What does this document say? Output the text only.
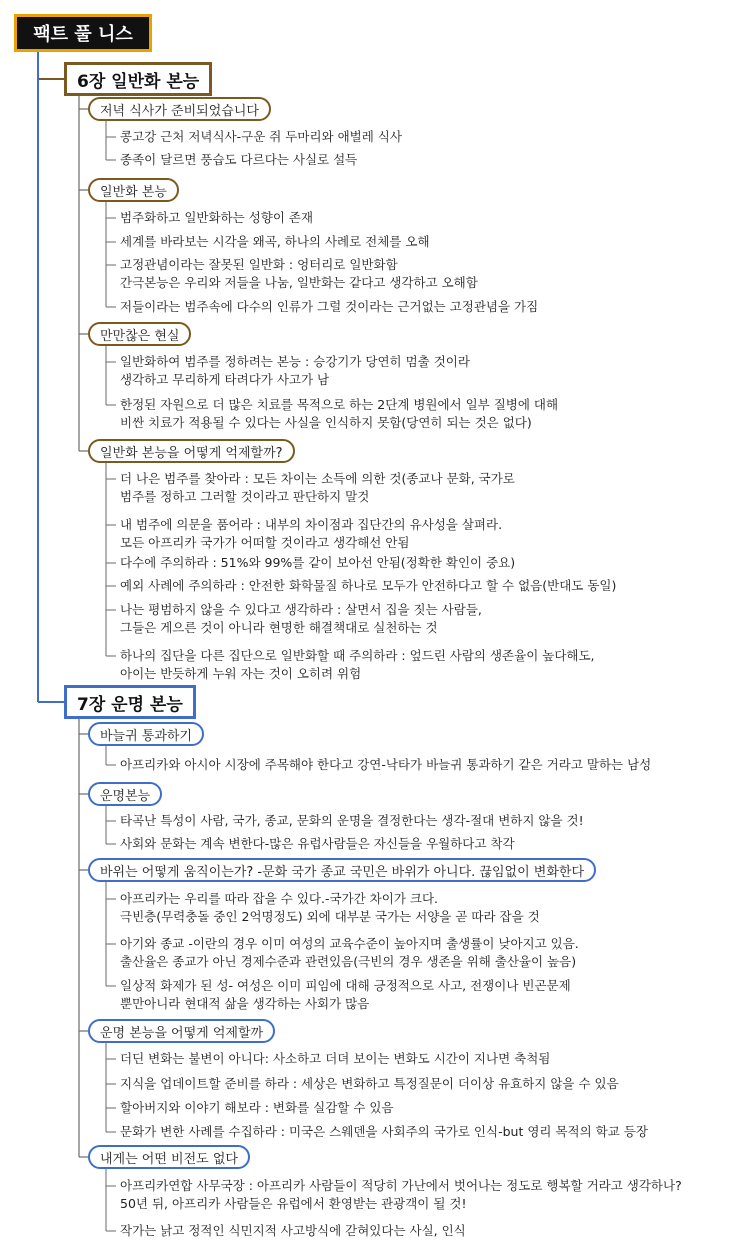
팩트 풀 니스
6장 일반화 본능
저녁 식사가 준비되었습니다
콩고강 근처 저녁식사-구운 쥐 두마리와 애벌레 식사
종족이 달르면 풍습도 다르다는 사실로 설득
일반화 본능
범주화하고 일반화하는 성향이 존재
세계를 바라보는 시각을 왜곡, 하나의 사례로 전체를 오해
고정관념이라는 잘못된 일반화 : 엉터리로 일반화함
간극본능은 우리와 저들을 나눔, 일반화는 같다고 생각하고 오해함
저들이라는 범주속에 다수의 인류가 그럴 것이라는 근거없는 고정관념을 가짐
만만찮은 현실
일반화하여 범주를 정하려는 본능 : 승강기가 당연히 멈출 것이라
생각하고 무리하게 타려다가 사고가 남
한정된 자원으로 더 많은 치료를 목적으로 하는 2단계 병원에서 일부 질병에 대해
비싼 치료가 적용될 수 있다는 사실을 인식하지 못함(당연히 되는 것은 없다)
일반화 본능을 어떻게 억제할까?
더 나은 범주를 찾아라 : 모든 차이는 소득에 의한 것(종교나 문화, 국가로
범주를 정하고 그러할 것이라고 판단하지 말것
내 범주에 의문을 품어라 : 내부의 차이점과 집단간의 유사성을 살펴라.
모든 아프리카 국가가 어떠할 것이라고 생각해선 안됨
다수에 주의하라 : 51%와 99%를 같이 보아선 안됨(정확한 확인이 중요)
예외 사례에 주의하라 : 안전한 화학물질 하나로 모두가 안전하다고 할 수 없음(반대도 동일)
나는 평범하지 않을 수 있다고 생각하라 : 살면서 집을 짓는 사람들,
그들은 게으른 것이 아니라 현명한 해결책대로 실천하는 것
하나의 집단을 다른 집단으로 일반화할 때 주의하라 : 엎드린 사람의 생존율이 높다해도,
아이는 반듯하게 누워 자는 것이 오히려 위험
7장 운명 본능
바늘귀 통과하기
아프리카와 아시아 시장에 주목해야 한다고 강연-낙타가 바늘귀 통과하기 같은 거라고 말하는 남성
운명본능
타곡난 특성이 사람, 국가, 종교, 문화의 운명을 결정한다는 생각-절대 변하지 않을 것!
사회와 문화는 계속 변한다-많은 유럽사람들은 자신들을 우월하다고 착각
바위는 어떻게 움직이는가? -문화 국가 종교 국민은 바위가 아니다. 끊임없이 변화한다
아프리카는 우리를 따라 잡을 수 있다.-국가간 차이가 크다.
극빈층(무력충돌 중인 2억명정도) 외에 대부분 국가는 서양을 곧 따라 잡을 것
아기와 종교 -이란의 경우 이미 여성의 교육수준이 높아지며 출생률이 낮아지고 있음.
출산율은 종교가 아닌 경제수준과 관련있음(극빈의 경우 생존을 위해 출산율이 높음)
일상적 화제가 된 성- 여성은 이미 피임에 대해 긍정적으로 사고, 전쟁이나 빈곤문제
뿐만아니라 현대적 삶을 생각하는 사회가 많음
운명 본능을 어떻게 억제할까
더딘 변화는 불변이 아니다: 사소하고 더뎌 보이는 변화도 시간이 지나면 축척됨
지식을 업데이트할 준비를 하라 : 세상은 변화하고 특정질문이 더이상 유효하지 않을 수 있음
할아버지와 이야기 해보라 : 변화를 실감할 수 있음
문화가 변한 사례를 수집하라 : 미국은 스웨덴을 사회주의 국가로 인식-but 영리 목적의 학교 등장
내게는 어떤 비전도 없다
아프리카연합 사무국장 : 아프리카 사람들이 적당히 가난에서 벗어나는 정도로 행복할 거라고 생각하나?
50년 뒤, 아프리카 사람들은 유럽에서 환영받는 관광객이 될 것!
작가는 낡고 정적인 식민지적 사고방식에 갇혀있다는 사실, 인식
